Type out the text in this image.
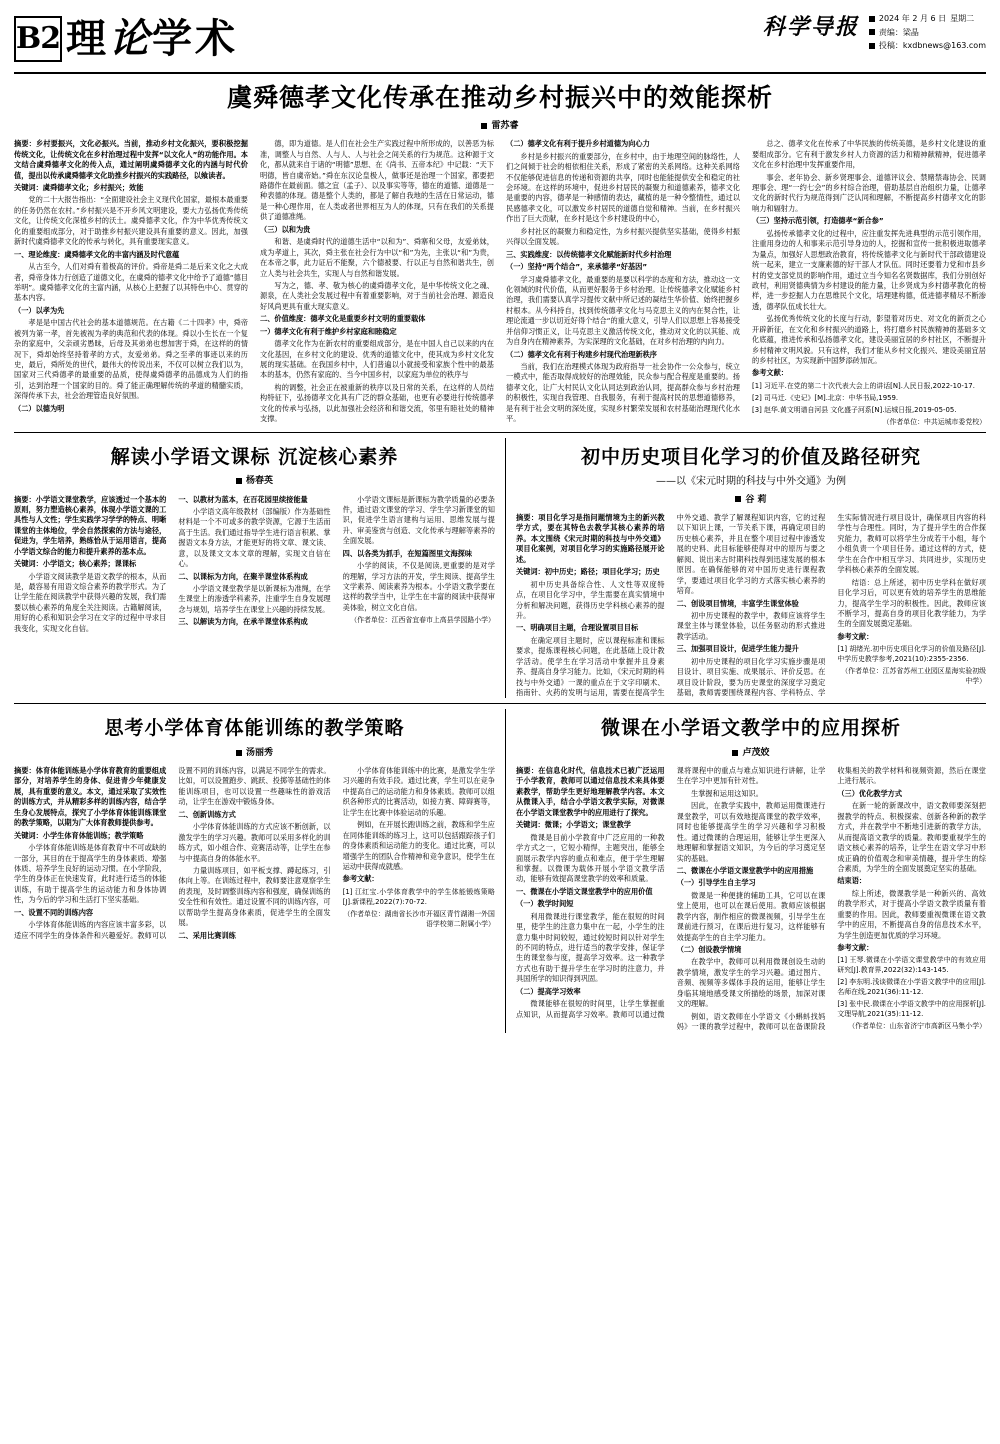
B2 理论学术	科学导报	2024 年 2 月 6 日 星期二
责编：梁晶
投稿：kxdbnews@163.com
虞舜德孝文化传承在推动乡村振兴中的效能探析
雷苏睿

摘要：乡村要振兴，文化必振兴。当前，推动乡村文化振兴，要积极挖掘传统文化，让传统文化在乡村治理过程中发挥“以文化人”的功能作用。本文结合虞舜德孝文化的传入点，通过阐明虞舜德孝文化的内涵与时代价值，提出以传承虞舜德孝文化助推乡村振兴的实践路径，以飨读者。

关键词：虞舜德孝文化；乡村振兴；效能

党的二十大报告指出：“全面建设社会主义现代化国家，最根本最重要的任务仍然在农村。”乡村振兴是不开乡风文明建设，要大力弘扬优秀传统文化，让传统文化深植乡村的沃土。虞舜德孝文化，作为中华优秀传统文化的重要组成部分，对于助推乡村振兴建设具有重要的意义。因此，加强新时代虞舜德孝文化的传承与转化，具有重要现实意义。

一、理论维度：虞舜德孝文化的丰富内涵及时代意蕴

从古至今，人们对舜有着极高的评价。舜帝是舜二是后来文化之大成者，舜帝身体力行创造了道德文化，在虞舜的德孝文化中给予了道德“德目举明”。虞舜德孝文化的主富内涵，从核心上把握了以其特色中心、贯穿的基本内容。

（一）以孝为先

孝是是中国古代社会的基本道德规范。在古籍《二十四孝》中，舜帝被列为第一孝，首先被视为孝的典范和代表的体现。舜以小生长在一个复杂的家庭中，父亲顽劣愚昧，后母及其弟弟也想加害于舜，在这样的的情况下，舜却始终坚持着孝的方式，友爱弟弟。舜之至孝的事迹以来的历史，最后，舜所处的世代，最伟大的传说出来，不仅可以树立我们以为，国家对三代舜德孝的最重要的品质，使得虞舜德孝的品德成为人们的指引，达到治理一个国家的目的。舜了能正确理解传统的孝道的精髓实质，深得传承下去，社会治理管造良好氛围。

（二）以德为明

德，即为道德。是人们在社会生产实践过程中所形成的，以善恶为标准，调整人与自然、人与人、人与社会之间关系的行为规范。这种源于文化，都从就来自于诸的“明德”思想、在《尚书、五帝本纪》中记载：“天下明德，皆自虞帝始。”舜在东汉论皇极人，做事还是治理一个国家，都要把路德作在最前面。德之宜（孟子）、以及事实等等，德在的道德、道德是一种表德的体现。德是整个人类的，都是了解自我地的生活在日常运动，德是一种心理作用，在人类或者世界相互为人的体现，只有在我们的关系提供了道德准绳。

（三）以和为贵

和谐、是虞舜时代的道德生活中“以和为”、舜寨和父母，友爱弟妹，成为孝道上，其次，舜主张在社会行为中以“和”为先，主张以“和”为贵，在本帝之事，此力证后不能聚，六个德被要、行以正与自然和谐共生，创立人类与社会共生，实现人与自然和谐发展。

写为之，德、孝、敬为核心的虞舜德孝文化，是中华传统文化之魂、源泉，在人类社会发展过程中有着重要影响，对于当前社会治理、源造良好风尚更具有重大现实意义。

二、价值维度：德孝文化是重要乡村文明的重要载体

一）德孝文化有利于维护乡村家庭和睦稳定

德孝文化作为在新农村的重要组成部分，是在中国人自己以来的内在文化基因，在乡村文化的建设、优秀的道德文化中，使其成为乡村文化发展的现实基础。在我国乡村中，人们普遍以小就接受和家族个性中的最基本的基本，仍然有家庭的、当今中国乡村，以家庭为单位的秩序与

构的调整，社会正在被重新的秩序以及日常的关系，在这样的人员结构特征下，弘扬德孝文化具有广泛的群众基础，也更有必要进行传统德孝文化的传承与弘扬，以此加强社会经济和和谐交流，邻里有睦社处的精神支撑。

（二）德孝文化有利于提升乡村道德为向心力

乡村是乡村振兴的重要部分，在乡村中，由于地理空间的脉络性，人们之间倾于社会的相依相住关系，形成了紧密的关系网络。这种关系网络不仅能够促进信息的传递和资源的共享，同时也能能提供安全和稳定的社会环境。在这样的环境中，促进乡村居民的凝聚力和道德素养，德孝文化是重要的内容，德孝是一种感情的表达，藏植的是一种令整情性，通过以民感德孝文化，可以激发乡村居民的道德自觉和精神。当前，在乡村振兴作出了巨大贡献，在乡村是这个乡村建设的中心，

乡村社区的凝聚力和稳定性，为乡村振兴提供坚实基础，使得乡村振兴得以全面发展。

三、实践维度：以传统德孝文化赋能新时代乡村治理

（一）坚持“两个结合”，来承德孝“好基因”

学习虞舜德孝文化，最重要的是要以科学的态度和方法，推动这一文化领域的时代价值，从而更好服务于乡村治理。让传统德孝文化赋能乡村治理，我们需要认真学习提传文献中所记述的凝结生华价值、始终把握乡村根本。从今科持自，找到传统德孝文化与马克思主义的内在契合性，让理论流通一步以切近好得个结合“的重大意义，引导人们以思想上容易接受并信仰习惯正义，让马克思主义激活传统文化，推动对文化的以其能、成为自身内在精神素养，为实深理的文化基础，在对乡村治理的内向力。

（二）德孝文化有利于构建乡村现代治理新秩序

当前，我们在治理模式体现为政府指导一社会协作一公众参与，统立一模式中，能否取得成较好的治理效能，民众参与配合程度是重要的。扬德孝文化，让广大村民认文化认同达到政治认同，提高群众参与乡村治理的积极性，实现自我管理、自我服务，有利于提高村民的思想道德修养，是有利于社会文明的深处度，实现乡村繁荣发展和农村基础治理现代化水平。

总之、德孝文化在传承了中华民族的传统美德，是乡村文化建设的重要组成部分。它有利于激发乡村人力资源的活力和精神献精神，促进德孝文化在乡村治理中发挥重要作用，

事会、老年协会、新乡贤理事会、道德评议会、禁赌禁毒协会、民调理事会、理“一约七会”的乡村综合治理，借助基层自治组织力量，让德孝文化的新时代行为规范得到广泛认同和理解，不断提高乡村德孝文化的影响力和辐射力。

（三）坚持示范引领，打造德孝“新合参”

弘扬传承德孝文化的过程中，应注重发挥先进典型的示范引领作用，注重用身边的人和事来示范引导身边的人，挖掘和宣传一批积极进取德孝为量点，加强好人思想政治教育，将传统德孝文化与新时代干部政德建设统一起来，建立一支廉素德的好干部人才队伍。同时还要着力党和市县乡村的党支部党员的影响作用，通过立当今知名名贤数据库，我们分别创好政村，利用贤德典情为乡村建设的能力量，让乡贤成为乡村德孝教化的榜样，进一步挖掘人力在思维民个文化，培理建构德，低进德孝精尽不断渗透，德孝队伍成长壮大。

弘扬优秀传统文化的长度与行动，影望着对历史、对文化的新贡之心开辟新征，在文化和乡村振兴的道路上，将打磨乡村民族精神的基础多文化底蕴，推进传承和弘扬德孝文化，建设美丽宜居的乡村社区，不断提升乡村精神文明风貌。只有这样，我们才能从乡村文化振兴、建设美丽宜居的乡村社区，为实现新中国梦添砖加瓦。

参考文献：

[1] 习近平.在党的第二十次代表大会上的讲话[N].人民日报,2022-10-17.

[2] 司马迁.《史记》[M].北京：中华书局,1959.

[3] 赵华.黄文明谱自河县 文化盛子河系[N].运城日报,2019-05-05.

（作者单位：中共运城市委党校）

解读小学语文课标 沉淀核心素养
杨春英

摘要：小学语文课堂教学，应该透过一个基本的原则，努力塑造核心素养，体现小学语文课的工具性与人文性；学生实践学习学学的特点、明晰课堂的主体地位，学会自然探索的方法与途径，促进为，学生培养，熟练恰从于运用语言，提高小学语文综合的能力和提升素养的基本点。

关键词：小学语文；核心素养；课课标

小学语文阅读教学是语文教学的根本，从而是，最容易有用语文综合素养的教学形式。为了让学生能在阅读教学中获得兴趣的发展，我们需要以核心素养的角度全关注阅读。古籍解阅读，用好的心系和知识会学习在文字的过程中寻求目我变化，实现文化自信。

一、以教材为蓝本，在百花园里续接能量

小学语文高年级教材（部编版）作为基础性材料是一个不可或多的教学资源，它源于生活而高于生活。我们通过指导学生进行语言积累、掌握语文本身方法，才能更好的将文章、课文读、意，以及课文文本文章的理解，实现文自信在心。

二、以课标为方向，在聚半课堂体系构成

小学语文课堂教学是以新课标为准绳，在学生课堂上的渗透学科素养，注重学生自身发展理念与规划，培养学生在课堂上兴趣的持续发展。

三、以解读为方向，在承半课堂体系构成

小学语文课标是新课标为教学质量的必要条件，通过语文课堂的学习、学生学习新课堂的知识，促进学生语言建构与运用、思维发展与提升、审美鉴赏与创造、文化传承与理解等素养的全面发展。

四、以各类为抓手，在短篇图里文海探味

小学的阅读，不仅是阅读,更重要的是对学的理解，学习方法的开发，学生阅读、提高学生文学素养、阅读素养为根本。小学语文教学要在这样的教学当中，让学生在丰富的阅读中获得审美体验，树立文化自信。

（作者单位：江西省宜春市上高县学园路小学）

初中历史项目化学习的价值及路径研究
——以《宋元时期的科技与中外交通》为例
谷 莉

摘要：项目化学习是指问题情境为主的新兴教学方式，要在其特色去教学其核心素养的培养。本文围绕《宋元时期的科技与中外交通》项目化案例，对项目化学习的实施路径展开论述。

关键词：初中历史；路径；项目化学习；历史

初中历史具备综合性、人文性等双度特点，在项目化学习中，学生需要在真实情境中分析和解决问题，获得历史学科核心素养的提升。

一、明确项目主题，合理设置项目目标

在确定项目主题时，应以课程标准和课标要求，提炼课程核心问题，在此基础上设计教学活动。使学生在学习活动中掌握并且身素养、提高自身学习能力。比如，《宋元时期的科技与中外交通》一课的重点在于文字印刷术、指南针、火药的发明与运用，需要在提高学生中外交通、教学了解课程知识内容，它的过程以下知识上课，一节关系下课，再确定项目的历史核心素养，并且在整个项目过程中渗透发展的史料、此目标能够使得对中的原历与要之解阅、说出来古时期科技得到迅速发展的根本原因。在确保能够的对中国历史进行课程教学，要通过项目化学习的方式落实核心素养的培育。

二、创设项目情境，丰富学生课堂体验

初中历史课程的教学中，教师应该将学生课堂主体与课堂体验，以任务驱动的形式推进教学活动。

三、加强项目设计，促进学生能力提升

初中历史课程的项目化学习实施步骤是项目设计、项目实施、成果展示、评价反思。在项目设计阶段，要为历史课堂的深度学习奠定基础，教师需要围绕课程内容、学科特点、学生实际情况进行项目设计，确保项目内容的科学性与合理性。同时，为了提升学生的合作探究能力，教师可以将学生分成若干小组，每个小组负责一个项目任务。通过这样的方式，使学生在合作中相互学习、共同进步，实现历史学科核心素养的全面发展。

结语：总上所述，初中历史学科在做好项目化学习后，可以更有效的培养学生的思维能力，提高学生学习的积极性。因此，教师应该不断学习，提高自身的项目化教学能力，为学生的全面发展奠定基础。

参考文献：

[1] 胡绪光.初中历史项目化学习的价值及路径[J].中学历史教学参考,2021(10):2355-2356.

（作者单位：江苏省苏州工业园区星海实验初级中学）

思考小学体育体能训练的教学策略
汤丽秀

摘要：体育体能训练是小学体育教育的重要组成部分，对培养学生的身体、促进青少年健康发展，具有重要的意义。本文，通过采取了实效性的训练方式，并从精彩多样的训练内容，结合学生身心发展特点，探究了小学体育体能训练课堂的教学策略，以期为广大体育教师提供参考。

关键词：小学生体育体能训练；教学策略

小学体育体能训练是体育教育中不可或缺的一部分，其目的在于提高学生的身体素质、增强体质、培养学生良好的运动习惯。在小学阶段，学生的身体正在快速发育，此时进行适当的体能训练，有助于提高学生的运动能力和身体协调性，为今后的学习和生活打下坚实基础。

一、设置不同的训练内容

小学体育体能训练的内容应该丰富多彩，以适应不同学生的身体条件和兴趣爱好。教师可以设置不同的训练内容，以满足不同学生的需求。比如，可以设置跑步、跳跃、投掷等基础性的体能训练项目，也可以设置一些趣味性的游戏活动，让学生在游戏中锻炼身体。

二、创新训练方式

小学体育体能训练的方式应该不断创新，以激发学生的学习兴趣。教师可以采用多样化的训练方式，如小组合作、竞赛活动等，让学生在参与中提高自身的体能水平。

力量训练项目，如平板支撑、蹲起练习，引体向上等。在训练过程中，教师要注意观察学生的表现，及时调整训练内容和强度，确保训练的安全性和有效性。通过设置不同的训练内容，可以帮助学生提高身体素质，促进学生的全面发展。

二、采用比赛训练

小学体育体能训练中的比赛，是激发学生学习兴趣的有效手段。通过比赛，学生可以在竞争中提高自己的运动能力和身体素质。教师可以组织各种形式的比赛活动，如接力赛、障碍赛等，让学生在比赛中体验运动的乐趣。

例如，在开展长跑训练之前，教练和学生应在同体能训练的练习上，这可以包括跟踪孩子们的身体素质和运动能力的变化。通过比赛，可以增强学生的团队合作精神和竞争意识，使学生在运动中获得成就感。

参考文献：

[1] 江红宝.小学体育教学中的学生体能锻炼策略[J].新课程,2022(7):70-72.

（作者单位：湖南省长沙市开福区青竹湖湘一外国语学校第二附属小学）

微课在小学语文教学中的应用探析
卢茂姣

摘要：在信息化时代，信息技术已被广泛运用于小学教育，教师可以通过信息技术来具体要素教学，帮助学生更好地理解教学内容。本文从微课入手，结合小学语文教学实际，对微课在小学语文课堂教学中的应用进行了探究。

关键词：微课；小学语文；课堂教学

微课是目前小学教育中广泛应用的一种教学方式之一，它短小精悍，主题突出，能够全面展示教学内容的重点和难点，便于学生理解和掌握。以微课为载体开展小学语文教学活动，能够有效提高课堂教学的效率和质量。

一、微课在小学语文课堂教学中的应用价值

（一）教学时间短

利用微课进行课堂教学，能在很短的时间里，使学生的注意力集中在一起，小学生的注意力集中时间较短，通过较短时间以针对学生的不同的特点，进行适当的教学安排，保证学生的课堂参与度，提高学习效率。这一种教学方式也有助于提升学生在学习时的注意力，并具国所学的知识得到巩固。

（二）提高学习效率

微课能够在很短的时间里，让学生掌握重点知识，从而提高学习效率。教师可以通过微课将课程中的重点与难点知识进行讲解，让学生在学习中更加有针对性。

生掌握和运用这知识。

因此，在教学实践中，教师运用微课进行课堂教学，可以有效地提高课堂的教学效率，同时也能够提高学生的学习兴趣和学习积极性。通过微课的合理运用，能够让学生更深入地理解和掌握语文知识，为今后的学习奠定坚实的基础。

二、微课在小学语文课堂教学中的应用措施

（一）引导学生自主学习

微课是一种便捷的辅助工具，它可以在课堂上使用，也可以在课后使用。教师应该根据教学内容，制作相应的微课视频，引导学生在课前进行预习，在课后进行复习，这样能够有效提高学生的自主学习能力。

（二）创设教学情境

在教学中，教师可以利用微课创设生动的教学情境，激发学生的学习兴趣。通过图片、音频、视频等多媒体手段的运用，能够让学生身临其境地感受课文所描绘的场景，加深对课文的理解。

例如，语文教师在小学语文《小蝌蚪找妈妈》一课的教学过程中，教师可以在备课阶段收集相关的教学材料和视频资源，然后在课堂上进行展示。

（三）优化教学方式

在新一轮的新课改中，语文教师要深刻把握教学的特点、积极探索、创新各种新的教学方式，并在教学中不断地引进新的教学方法，从而提高语文教学的质量。教师要重视学生的语文核心素养的培养，让学生在语文学习中形成正确的价值观念和审美情趣，提升学生的综合素质，为学生的全面发展奠定坚实的基础。

结束语：

综上所述，微课教学是一种新兴的、高效的教学形式，对于提高小学语文教学质量有着重要的作用。因此，教师要重视微课在语文教学中的应用，不断提高自身的信息技术水平，为学生创造更加优质的学习环境。

参考文献：

[1] 王琴.微课在小学语文课堂教学中的有效应用研究[J].教育界,2022(32):143-145.

[2] 李东明.浅谈微课在小学语文教学中的应用[J].名师在线,2021(36):11-12.

[3] 张中民.微课在小学语文教学中的应用探析[J].文理导航,2021(35):11-12.

（作者单位：山东省济宁市高新区马集小学）
